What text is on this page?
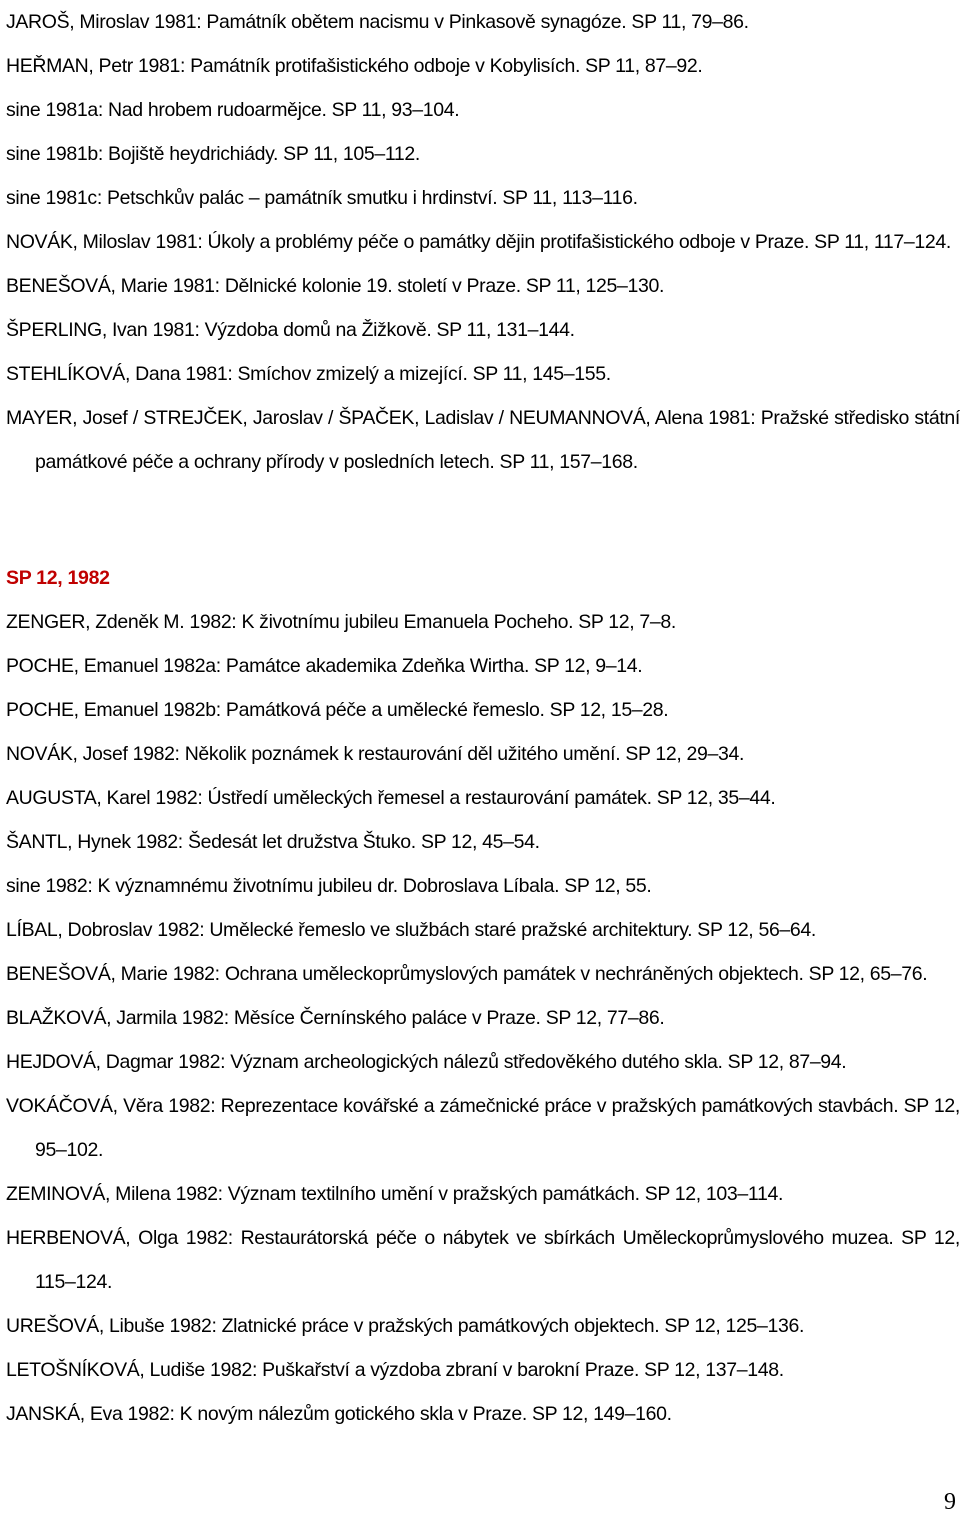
JAROŠ, Miroslav 1981: Památník obětem nacismu v Pinkasově synagóze. SP 11, 79–86.
HEŘMAN, Petr 1981: Památník protifašistického odboje v Kobylisích. SP 11, 87–92.
sine 1981a: Nad hrobem rudoarmějce. SP 11, 93–104.
sine 1981b: Bojiště heydrichiády. SP 11, 105–112.
sine 1981c: Petschkův palác – památník smutku i hrdinství. SP 11, 113–116.
NOVÁK, Miloslav 1981: Úkoly a problémy péče o památky dějin protifašistického odboje v Praze. SP 11, 117–124.
BENEŠOVÁ, Marie 1981: Dělnické kolonie 19. století v Praze. SP 11, 125–130.
ŠPERLING, Ivan 1981: Výzdoba domů na Žižkově. SP 11, 131–144.
STEHLÍKOVÁ, Dana 1981: Smíchov zmizelý a mizející. SP 11, 145–155.
MAYER, Josef / STREJČEK, Jaroslav / ŠPAČEK, Ladislav / NEUMANNOVÁ, Alena 1981: Pražské středisko státní památkové péče a ochrany přírody v posledních letech. SP 11, 157–168.
SP 12, 1982
ZENGER, Zdeněk M. 1982: K životnímu jubileu Emanuela Pocheho. SP 12, 7–8.
POCHE, Emanuel 1982a: Památce akademika Zdeňka Wirtha. SP 12, 9–14.
POCHE, Emanuel 1982b: Památková péče a umělecké řemeslo. SP 12, 15–28.
NOVÁK, Josef 1982: Několik poznámek k restaurování děl užitého umění. SP 12, 29–34.
AUGUSTA, Karel 1982: Ústředí uměleckých řemesel a restaurování památek. SP 12, 35–44.
ŠANTL, Hynek 1982: Šedesát let družstva Štuko. SP 12, 45–54.
sine 1982: K významnému životnímu jubileu dr. Dobroslava Líbala. SP 12, 55.
LÍBAL, Dobroslav 1982: Umělecké řemeslo ve službách staré pražské architektury. SP 12, 56–64.
BENEŠOVÁ, Marie 1982: Ochrana uměleckoprůmyslových památek v nechráněných objektech. SP 12, 65–76.
BLAŽKOVÁ, Jarmila 1982: Měsíce Černínského paláce v Praze. SP 12, 77–86.
HEJDOVÁ, Dagmar 1982: Význam archeologických nálezů středověkého dutého skla. SP 12, 87–94.
VOKÁČOVÁ, Věra 1982: Reprezentace kovářské a zámečnické práce v pražských památkových stavbách. SP 12, 95–102.
ZEMINOVÁ, Milena 1982: Význam textilního umění v pražských památkách. SP 12, 103–114.
HERBENOVÁ, Olga 1982: Restaurátorská péče o nábytek ve sbírkách Uměleckoprůmyslového muzea. SP 12, 115–124.
UREŠOVÁ, Libuše 1982: Zlatnické práce v pražských památkových objektech. SP 12, 125–136.
LETOŠNÍKOVÁ, Ludiše 1982: Puškařství a výzdoba zbraní v barokní Praze. SP 12, 137–148.
JANSKÁ, Eva 1982: K novým nálezům gotického skla v Praze. SP 12, 149–160.
9
